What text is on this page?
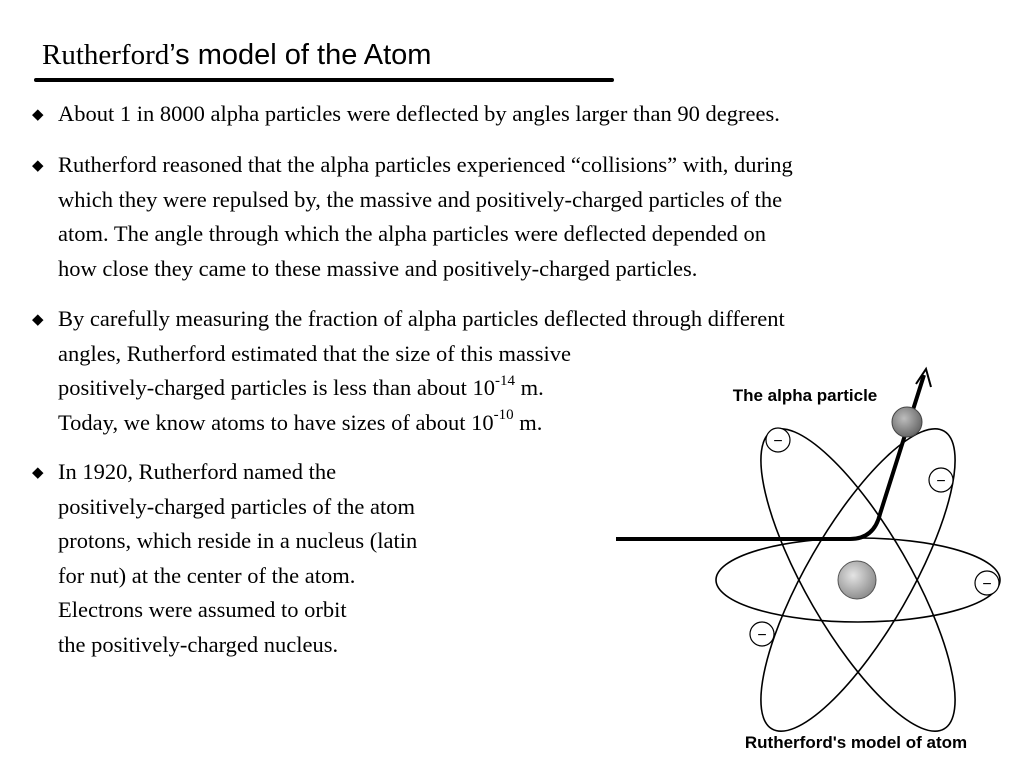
Rutherford’s model of the Atom
◆ About 1 in 8000 alpha particles were deflected by angles larger than 90 degrees.
◆ Rutherford reasoned that the alpha particles experienced “collisions” with, during
which they were repulsed by, the massive and positively-charged particles of the
atom. The angle through which the alpha particles were deflected depended on
how close they came to these massive and positively-charged particles.
◆ By carefully measuring the fraction of alpha particles deflected through different
angles, Rutherford estimated that the size of this massive
positively-charged particles is less than about $10^{-14}$ m.
Today, we know atoms to have sizes of about $10^{-10}$ m.
◆ In 1920, Rutherford named the
positively-charged particles of the atom
protons, which reside in a nucleus (latin
for nut) at the center of the atom.
Electrons were assumed to orbit
the positively-charged nucleus.
−
−
−
−
The alpha particle
Rutherford's model of atom
